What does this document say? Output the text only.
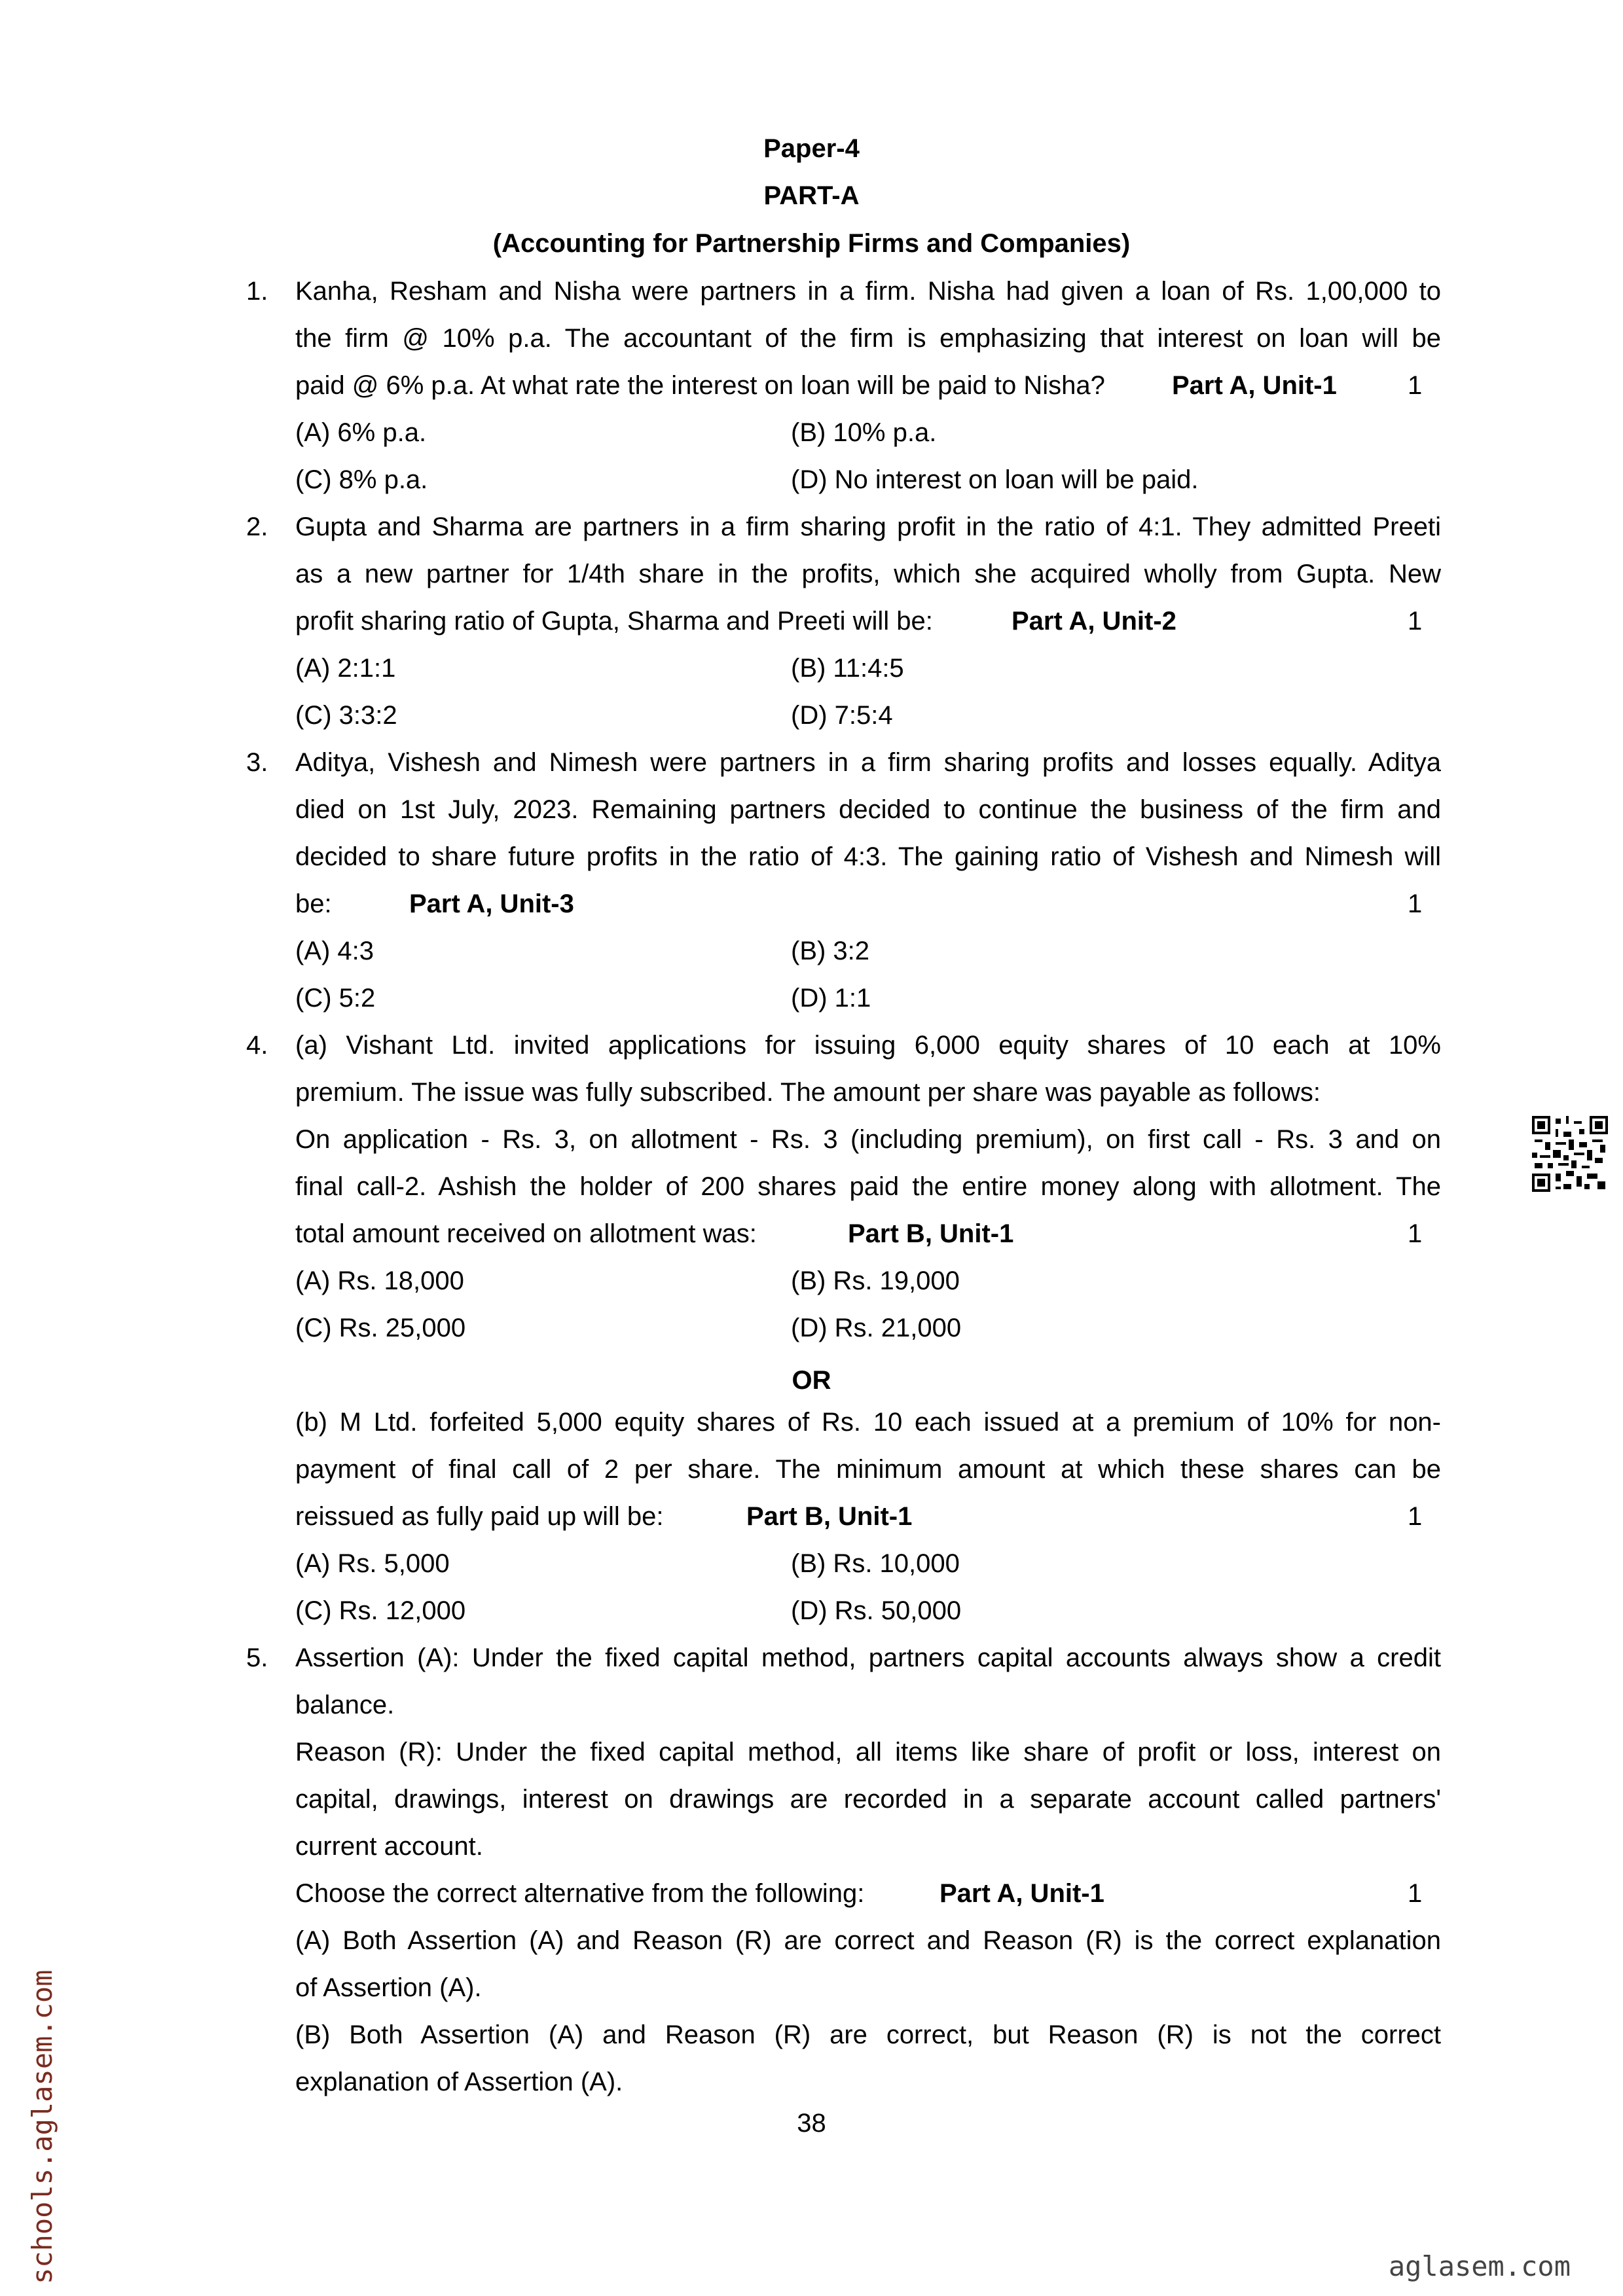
Paper-4
PART-A
(Accounting for Partnership Firms and Companies)
1. Kanha, Resham and Nisha were partners in a firm. Nisha had given a loan of Rs. 1,00,000 to
the firm @ 10% p.a. The accountant of the firm is emphasizing that interest on loan will be
paid @ 6% p.a. At what rate the interest on loan will be paid to Nisha?	Part A, Unit-1	1
(A) 6% p.a.	(B) 10% p.a.
(C) 8% p.a.	(D) No interest on loan will be paid.
2. Gupta and Sharma are partners in a firm sharing profit in the ratio of 4:1. They admitted Preeti
as a new partner for 1/4th share in the profits, which she acquired wholly from Gupta. New
profit sharing ratio of Gupta, Sharma and Preeti will be:	Part A, Unit-2	1
(A) 2:1:1	(B) 11:4:5
(C) 3:3:2	(D) 7:5:4
3. Aditya, Vishesh and Nimesh were partners in a firm sharing profits and losses equally. Aditya
died on 1st July, 2023. Remaining partners decided to continue the business of the firm and
decided to share future profits in the ratio of 4:3. The gaining ratio of Vishesh and Nimesh will
be:	Part A, Unit-3	1
(A) 4:3	(B) 3:2
(C) 5:2	(D) 1:1
4. (a) Vishant Ltd. invited applications for issuing 6,000 equity shares of 10 each at 10%
premium. The issue was fully subscribed. The amount per share was payable as follows:
On application - Rs. 3, on allotment - Rs. 3 (including premium), on first call - Rs. 3 and on
final call-2. Ashish the holder of 200 shares paid the entire money along with allotment. The
total amount received on allotment was:	Part B, Unit-1	1
(A) Rs. 18,000	(B) Rs. 19,000
(C) Rs. 25,000	(D) Rs. 21,000
OR
(b) M Ltd. forfeited 5,000 equity shares of Rs. 10 each issued at a premium of 10% for non-
payment of final call of 2 per share. The minimum amount at which these shares can be
reissued as fully paid up will be:	Part B, Unit-1	1
(A) Rs. 5,000	(B) Rs. 10,000
(C) Rs. 12,000	(D) Rs. 50,000
5. Assertion (A): Under the fixed capital method, partners capital accounts always show a credit
balance.
Reason (R): Under the fixed capital method, all items like share of profit or loss, interest on
capital, drawings, interest on drawings are recorded in a separate account called partners'
current account.
Choose the correct alternative from the following:	Part A, Unit-1	1
(A) Both Assertion (A) and Reason (R) are correct and Reason (R) is the correct explanation
of Assertion (A).
(B) Both Assertion (A) and Reason (R) are correct, but Reason (R) is not the correct
explanation of Assertion (A).
38
schools.aglasem.com	aglasem.com
